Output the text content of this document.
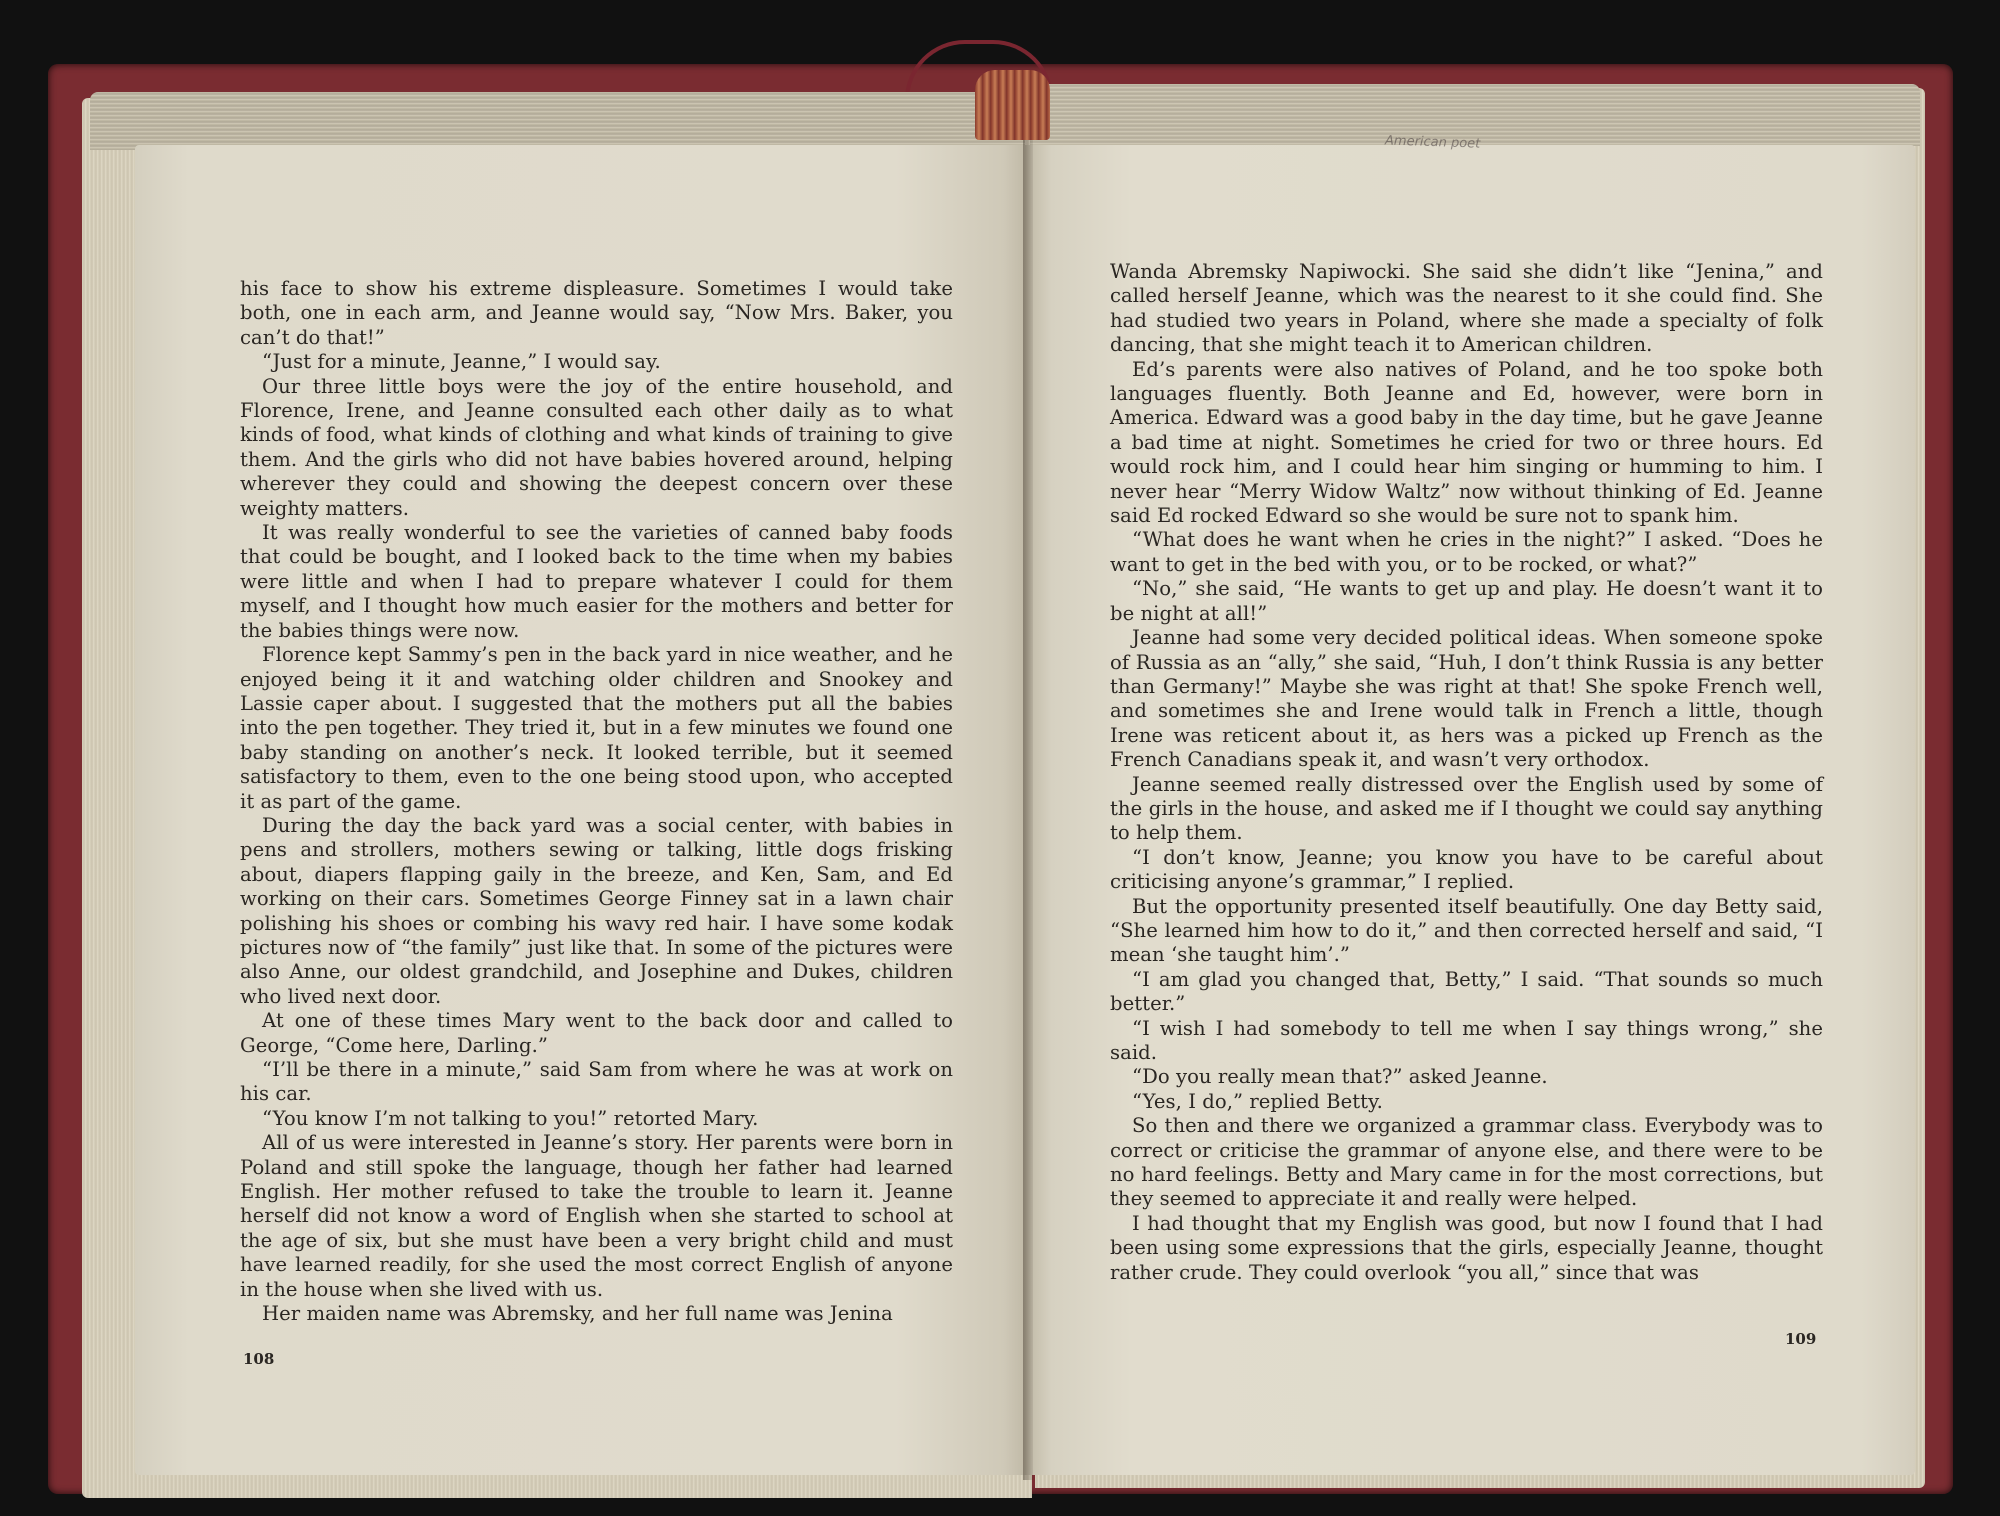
his face to show his extreme displeasure. Sometimes I would take both, one in each arm, and Jeanne would say, “Now Mrs. Baker, you can’t do that!”

“Just for a minute, Jeanne,” I would say.

Our three little boys were the joy of the entire household, and Florence, Irene, and Jeanne consulted each other daily as to what kinds of food, what kinds of clothing and what kinds of training to give them. And the girls who did not have babies hovered around, helping wherever they could and showing the deepest concern over these weighty matters.

It was really wonderful to see the varieties of canned baby foods that could be bought, and I looked back to the time when my babies were little and when I had to prepare whatever I could for them myself, and I thought how much easier for the mothers and better for the babies things were now.

Florence kept Sammy’s pen in the back yard in nice weather, and he enjoyed being it it and watching older children and Snookey and Lassie caper about. I suggested that the mothers put all the babies into the pen together. They tried it, but in a few minutes we found one baby standing on another’s neck. It looked terrible, but it seemed satisfactory to them, even to the one being stood upon, who accepted it as part of the game.

During the day the back yard was a social center, with babies in pens and strollers, mothers sewing or talking, little dogs frisking about, diapers flapping gaily in the breeze, and Ken, Sam, and Ed working on their cars. Sometimes George Finney sat in a lawn chair polishing his shoes or combing his wavy red hair. I have some kodak pictures now of “the family” just like that. In some of the pictures were also Anne, our oldest grandchild, and Josephine and Dukes, children who lived next door.

At one of these times Mary went to the back door and called to George, “Come here, Darling.”

“I’ll be there in a minute,” said Sam from where he was at work on his car.

“You know I’m not talking to you!” retorted Mary.

All of us were interested in Jeanne’s story. Her parents were born in Poland and still spoke the language, though her father had learned English. Her mother refused to take the trouble to learn it. Jeanne herself did not know a word of English when she started to school at the age of six, but she must have been a very bright child and must have learned readily, for she used the most correct English of anyone in the house when she lived with us.

Her maiden name was Abremsky, and her full name was Jenina

108

Wanda Abremsky Napiwocki. She said she didn’t like “Jenina,” and called herself Jeanne, which was the nearest to it she could find. She had studied two years in Poland, where she made a specialty of folk dancing, that she might teach it to American children.

Ed’s parents were also natives of Poland, and he too spoke both languages fluently. Both Jeanne and Ed, however, were born in America. Edward was a good baby in the day time, but he gave Jeanne a bad time at night. Sometimes he cried for two or three hours. Ed would rock him, and I could hear him singing or humming to him. I never hear “Merry Widow Waltz” now without thinking of Ed. Jeanne said Ed rocked Edward so she would be sure not to spank him.

“What does he want when he cries in the night?” I asked. “Does he want to get in the bed with you, or to be rocked, or what?”

“No,” she said, “He wants to get up and play. He doesn’t want it to be night at all!”

Jeanne had some very decided political ideas. When someone spoke of Russia as an “ally,” she said, “Huh, I don’t think Russia is any better than Germany!” Maybe she was right at that! She spoke French well, and sometimes she and Irene would talk in French a little, though Irene was reticent about it, as hers was a picked up French as the French Canadians speak it, and wasn’t very orthodox.

Jeanne seemed really distressed over the English used by some of the girls in the house, and asked me if I thought we could say anything to help them.

“I don’t know, Jeanne; you know you have to be careful about criticising anyone’s grammar,” I replied.

But the opportunity presented itself beautifully. One day Betty said, “She learned him how to do it,” and then corrected herself and said, “I mean ‘she taught him’.”

“I am glad you changed that, Betty,” I said. “That sounds so much better.”

“I wish I had somebody to tell me when I say things wrong,” she said.

“Do you really mean that?” asked Jeanne.

“Yes, I do,” replied Betty.

So then and there we organized a grammar class. Everybody was to correct or criticise the grammar of anyone else, and there were to be no hard feelings. Betty and Mary came in for the most corrections, but they seemed to appreciate it and really were helped.

I had thought that my English was good, but now I found that I had been using some expressions that the girls, especially Jeanne, thought rather crude. They could overlook “you all,” since that was

109
American poet
